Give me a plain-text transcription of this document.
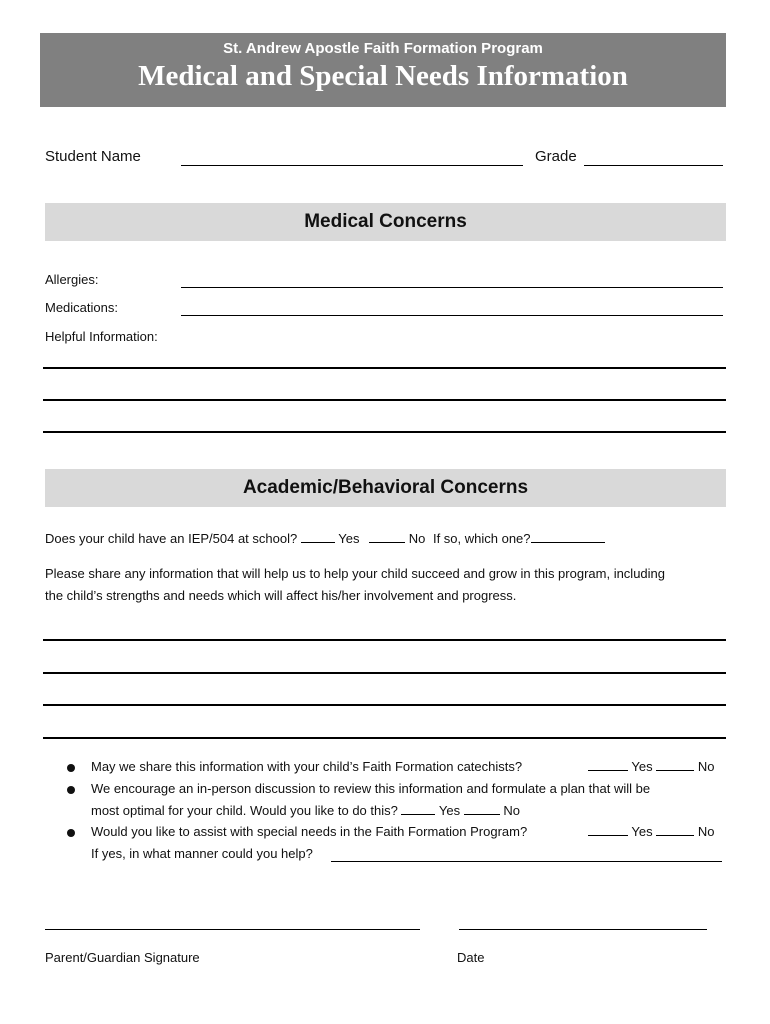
St. Andrew Apostle Faith Formation Program
Medical and Special Needs Information
Student Name	Grade
Medical Concerns
Allergies:
Medications:
Helpful Information:
Academic/Behavioral Concerns
Does your child have an IEP/504 at school?	Yes	No If so, which one?
Please share any information that will help us to help your child succeed and grow in this program, including
the child’s strengths and needs which will affect his/her involvement and progress.
May we share this information with your child’s Faith Formation catechists?	Yes	No
We encourage an in-person discussion to review this information and formulate a plan that will be
most optimal for your child. Would you like to do this?	Yes	No
Would you like to assist with special needs in the Faith Formation Program?	Yes	No
If yes, in what manner could you help?
Parent/Guardian Signature	Date
